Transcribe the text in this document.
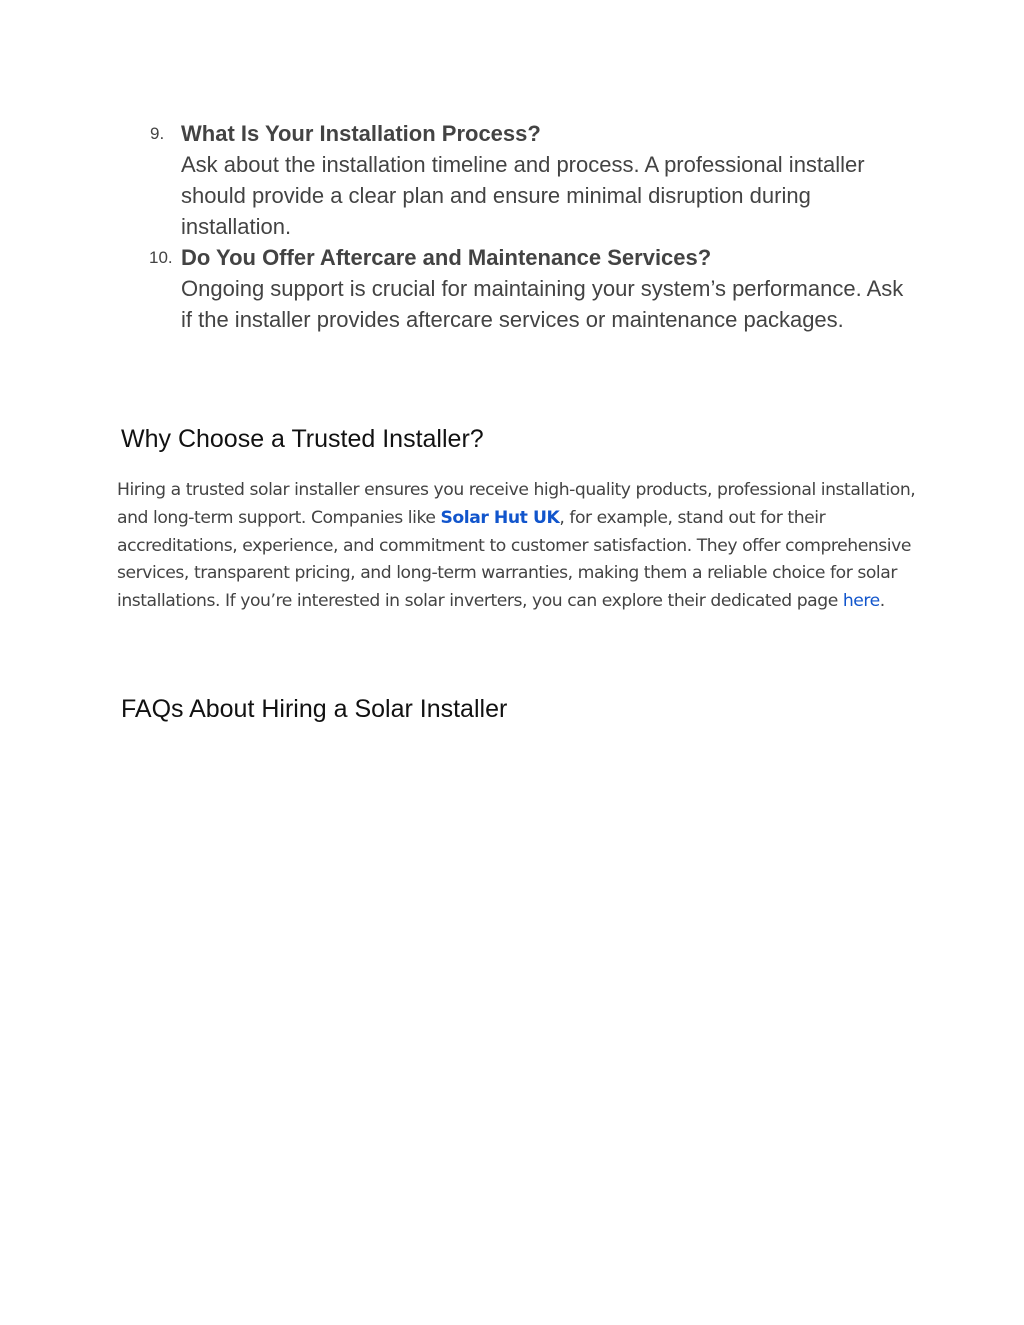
9. What Is Your Installation Process?
Ask about the installation timeline and process. A professional installer should provide a clear plan and ensure minimal disruption during installation.
10. Do You Offer Aftercare and Maintenance Services?
Ongoing support is crucial for maintaining your system’s performance. Ask if the installer provides aftercare services or maintenance packages.
Why Choose a Trusted Installer?

Hiring a trusted solar installer ensures you receive high-quality products, professional installation, and long-term support. Companies like Solar Hut UK, for example, stand out for their accreditations, experience, and commitment to customer satisfaction. They offer comprehensive services, transparent pricing, and long-term warranties, making them a reliable choice for solar installations. If you’re interested in solar inverters, you can explore their dedicated page here.

FAQs About Hiring a Solar Installer
